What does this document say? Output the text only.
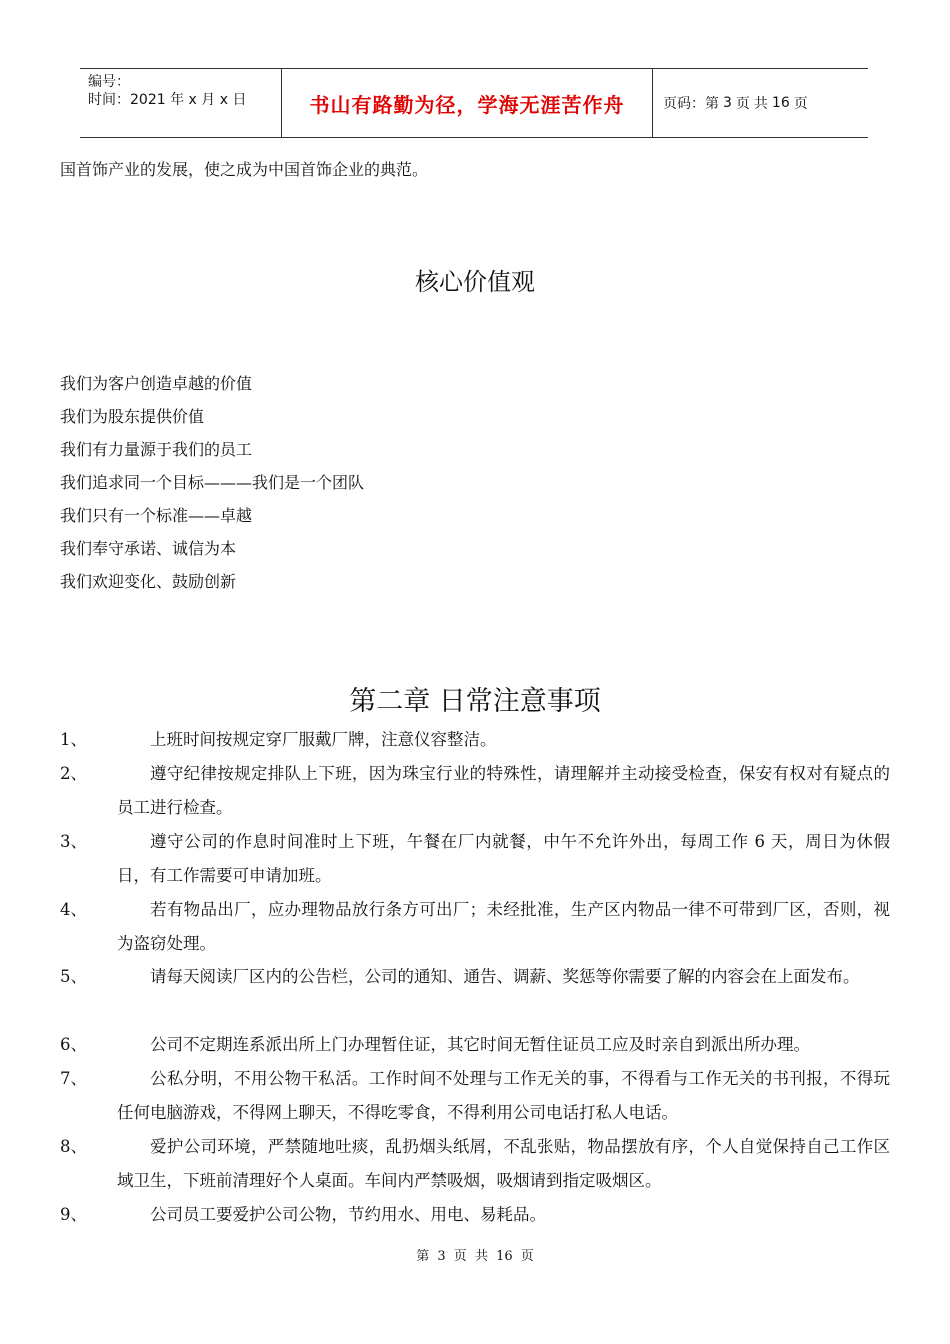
编号：
时间：2021 年 x 月 x 日	书山有路勤为径，学海无涯苦作舟	页码：第 3 页 共 16 页
国首饰产业的发展，使之成为中国首饰企业的典范。
核心价值观
我们为客户创造卓越的价值
我们为股东提供价值
我们有力量源于我们的员工
我们追求同一个目标———我们是一个团队
我们只有一个标准——卓越
我们奉守承诺、诚信为本
我们欢迎变化、鼓励创新
第二章 日常注意事项
1、	上班时间按规定穿厂服戴厂牌，注意仪容整洁。
2、	遵守纪律按规定排队上下班，因为珠宝行业的特殊性，请理解并主动接受检查，保安有权对有疑点的员工进行检查。
3、	遵守公司的作息时间准时上下班，午餐在厂内就餐，中午不允许外出，每周工作 6 天，周日为休假日，有工作需要可申请加班。
4、	若有物品出厂，应办理物品放行条方可出厂；未经批准，生产区内物品一律不可带到厂区，否则，视为盗窃处理。
5、	请每天阅读厂区内的公告栏，公司的通知、通告、调薪、奖惩等你需要了解的内容会在上面发布。
6、	公司不定期连系派出所上门办理暂住证，其它时间无暂住证员工应及时亲自到派出所办理。
7、	公私分明，不用公物干私活。工作时间不处理与工作无关的事，不得看与工作无关的书刊报，不得玩任何电脑游戏，不得网上聊天，不得吃零食，不得利用公司电话打私人电话。
8、	爱护公司环境，严禁随地吐痰，乱扔烟头纸屑，不乱张贴，物品摆放有序，个人自觉保持自己工作区域卫生，下班前清理好个人桌面。车间内严禁吸烟，吸烟请到指定吸烟区。
9、	公司员工要爱护公司公物，节约用水、用电、易耗品。
第 3 页 共 16 页
